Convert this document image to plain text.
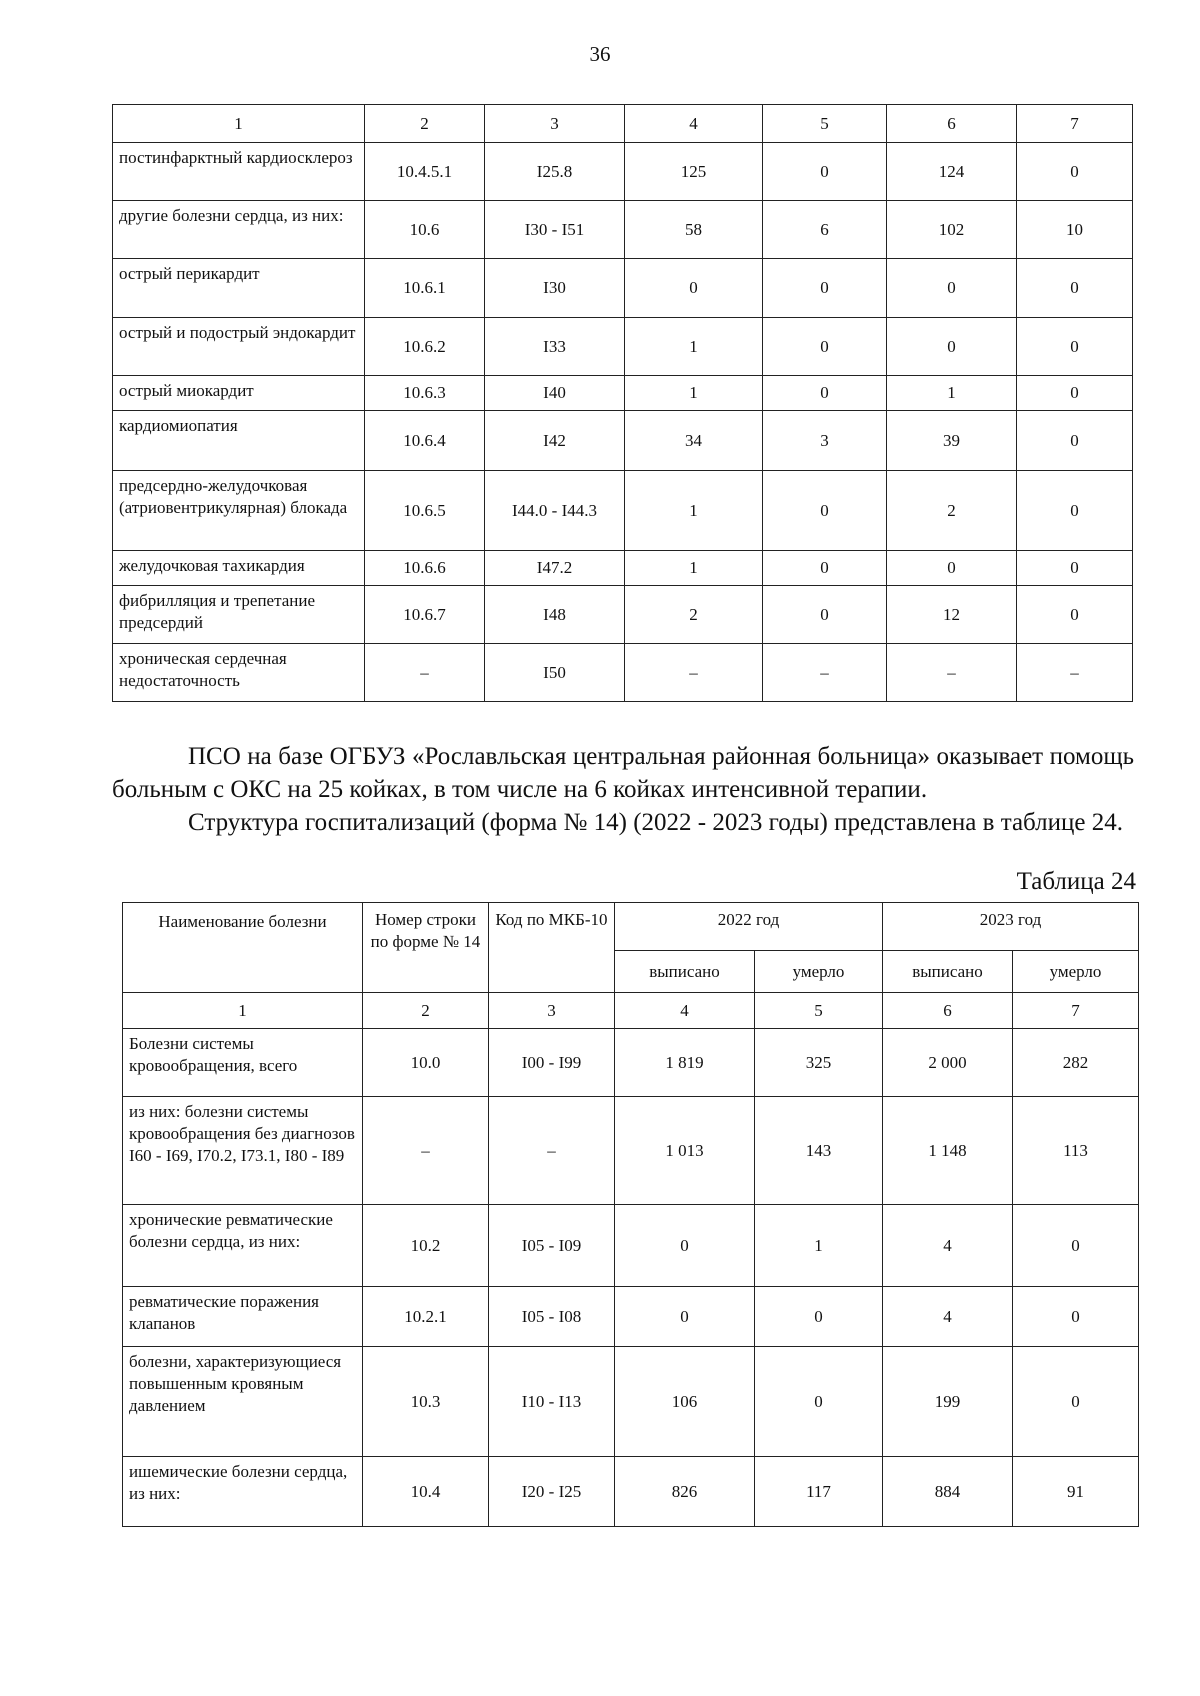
36
1	2	3	4	5	6	7
постинфарктный кардиосклероз	10.4.5.1	I25.8	125	0	124	0
другие болезни сердца, из них:	10.6	I30 - I51	58	6	102	10
острый перикардит	10.6.1	I30	0	0	0	0
острый и подострый эндокардит	10.6.2	I33	1	0	0	0
острый миокардит	10.6.3	I40	1	0	1	0
кардиомиопатия	10.6.4	I42	34	3	39	0
предсердно-желудочковая (атриовентрикулярная) блокада	10.6.5	I44.0 - I44.3	1	0	2	0
желудочковая тахикардия	10.6.6	I47.2	1	0	0	0
фибрилляция и трепетание предсердий	10.6.7	I48	2	0	12	0
хроническая сердечная недостаточность	–	I50	–	–	–	–

ПСО на базе ОГБУЗ «Рославльская центральная районная больница» оказывает помощь больным с ОКС на 25 койках, в том числе на 6 койках интенсивной терапии.

Структура госпитализаций (форма № 14) (2022 - 2023 годы) представлена в таблице 24.

Таблица 24
Наименование болезни	Номер строки по форме № 14	Код по МКБ-10	2022 год		2023 год	
			выписано	умерло	выписано	умерло
1	2	3	4	5	6	7
Болезни системы кровообращения, всего	10.0	I00 - I99	1 819	325	2 000	282
из них: болезни системы кровообращения без диагнозов I60 - I69, I70.2, I73.1, I80 - I89	–	–	1 013	143	1 148	113
хронические ревматические болезни сердца, из них:	10.2	I05 - I09	0	1	4	0
ревматические поражения клапанов	10.2.1	I05 - I08	0	0	4	0
болезни, характеризующиеся повышенным кровяным давлением	10.3	I10 - I13	106	0	199	0
ишемические болезни сердца, из них:	10.4	I20 - I25	826	117	884	91
